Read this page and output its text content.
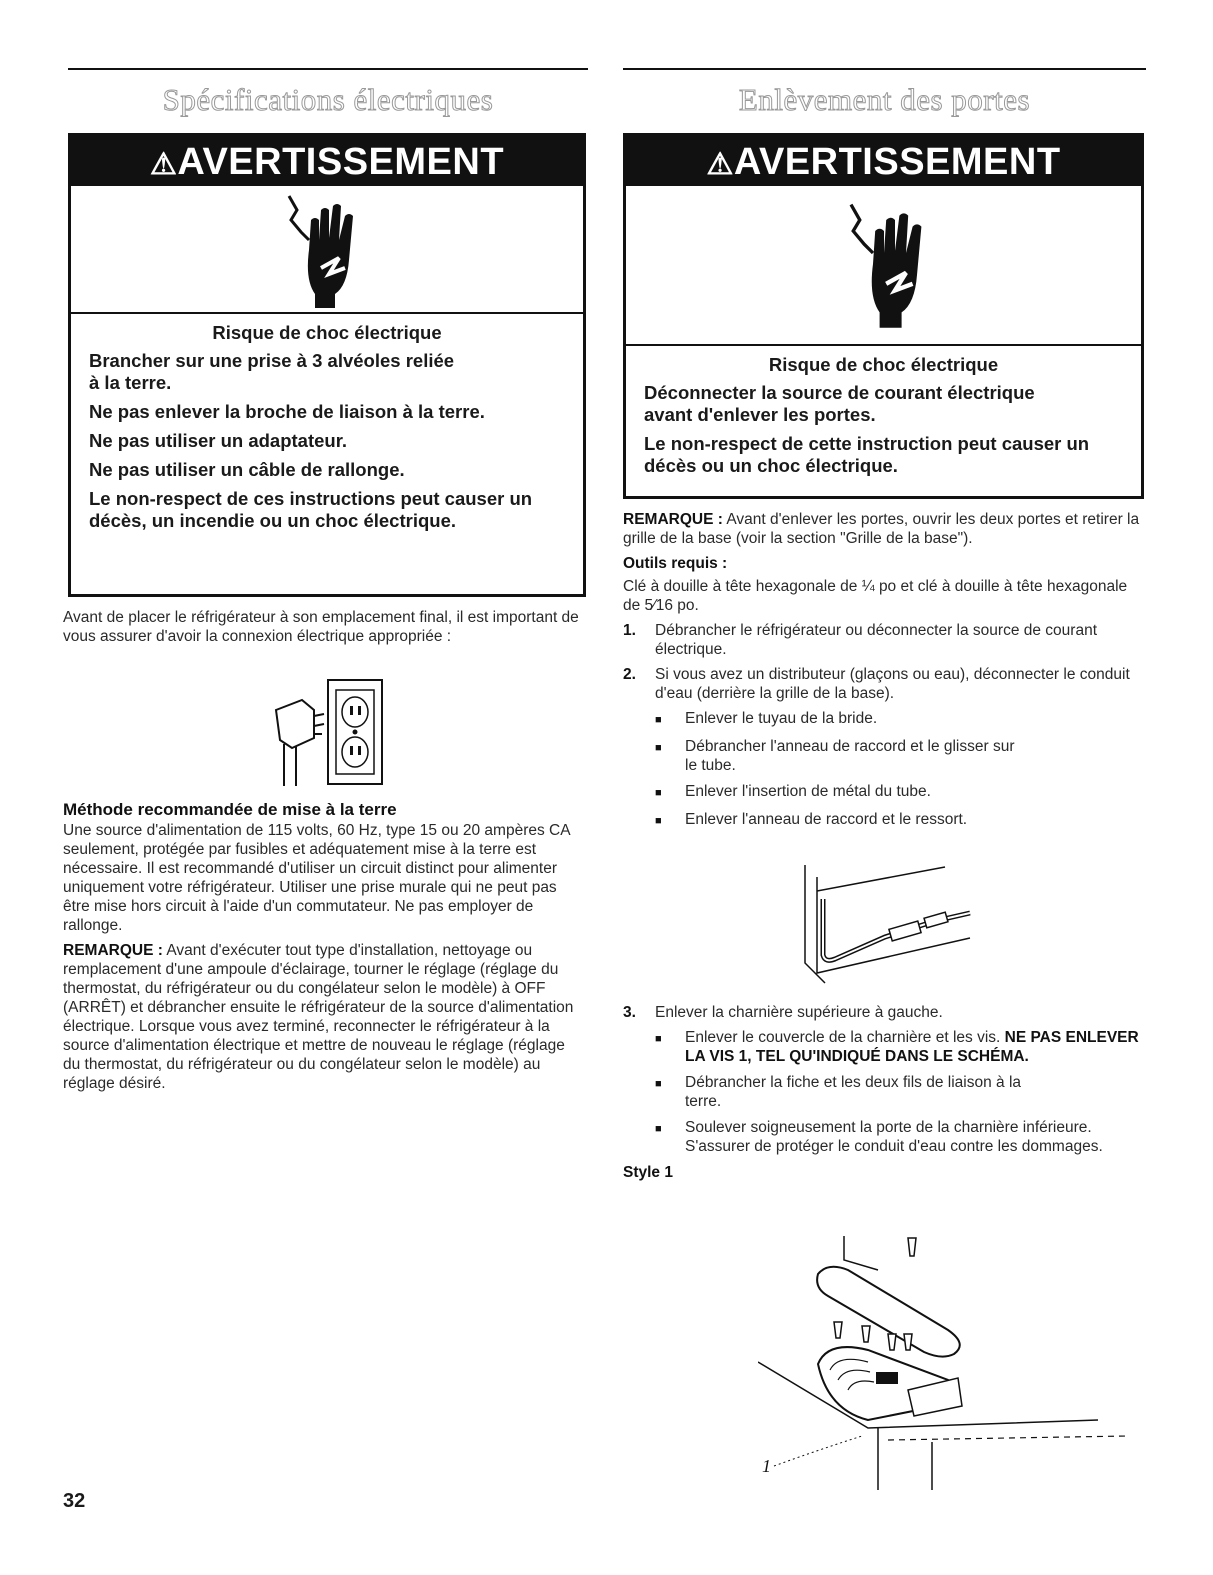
Spécifications électriques	Enlèvement des portes
⚠AVERTISSEMENT
Risque de choc électrique

Brancher sur une prise à 3 alvéoles reliée à la terre.

Ne pas enlever la broche de liaison à la terre.

Ne pas utiliser un adaptateur.

Ne pas utiliser un câble de rallonge.

Le non-respect de ces instructions peut causer un décès, un incendie ou un choc électrique.

Avant de placer le réfrigérateur à son emplacement final, il est important de vous assurer d'avoir la connexion électrique appropriée :

Méthode recommandée de mise à la terre

Une source d'alimentation de 115 volts, 60 Hz, type 15 ou 20 ampères CA seulement, protégée par fusibles et adéquatement mise à la terre est nécessaire. Il est recommandé d'utiliser un circuit distinct pour alimenter uniquement votre réfrigérateur. Utiliser une prise murale qui ne peut pas être mise hors circuit à l'aide d'un commutateur. Ne pas employer de rallonge.

REMARQUE : Avant d'exécuter tout type d'installation, nettoyage ou remplacement d'une ampoule d'éclairage, tourner le réglage (réglage du thermostat, du réfrigérateur ou du congélateur selon le modèle) à OFF (ARRÊT) et débrancher ensuite le réfrigérateur de la source d'alimentation électrique. Lorsque vous avez terminé, reconnecter le réfrigérateur à la source d'alimentation électrique et mettre de nouveau le réglage (réglage du thermostat, du réfrigérateur ou du congélateur selon le modèle) au réglage désiré.

⚠AVERTISSEMENT
Risque de choc électrique

Déconnecter la source de courant électrique avant d'enlever les portes.

Le non-respect de cette instruction peut causer un décès ou un choc électrique.

REMARQUE : Avant d'enlever les portes, ouvrir les deux portes et retirer la grille de la base (voir la section "Grille de la base").

Outils requis :

Clé à douille à tête hexagonale de ¼ po et clé à douille à tête hexagonale de 5⁄16 po.

1.	Débrancher le réfrigérateur ou déconnecter la source de courant électrique.
2.	Si vous avez un distributeur (glaçons ou eau), déconnecter le conduit d'eau (derrière la grille de la base).
■	Enlever le tuyau de la bride.
■	Débrancher l'anneau de raccord et le glisser sur le tube.
■	Enlever l'insertion de métal du tube.
■	Enlever l'anneau de raccord et le ressort.
3.	Enlever la charnière supérieure à gauche.
■	Enlever le couvercle de la charnière et les vis. NE PAS ENLEVER LA VIS 1, TEL QU'INDIQUÉ DANS LE SCHÉMA.
■	Débrancher la fiche et les deux fils de liaison à la terre.
■	Soulever soigneusement la porte de la charnière inférieure. S'assurer de protéger le conduit d'eau contre les dommages.
Style 1
1
32
